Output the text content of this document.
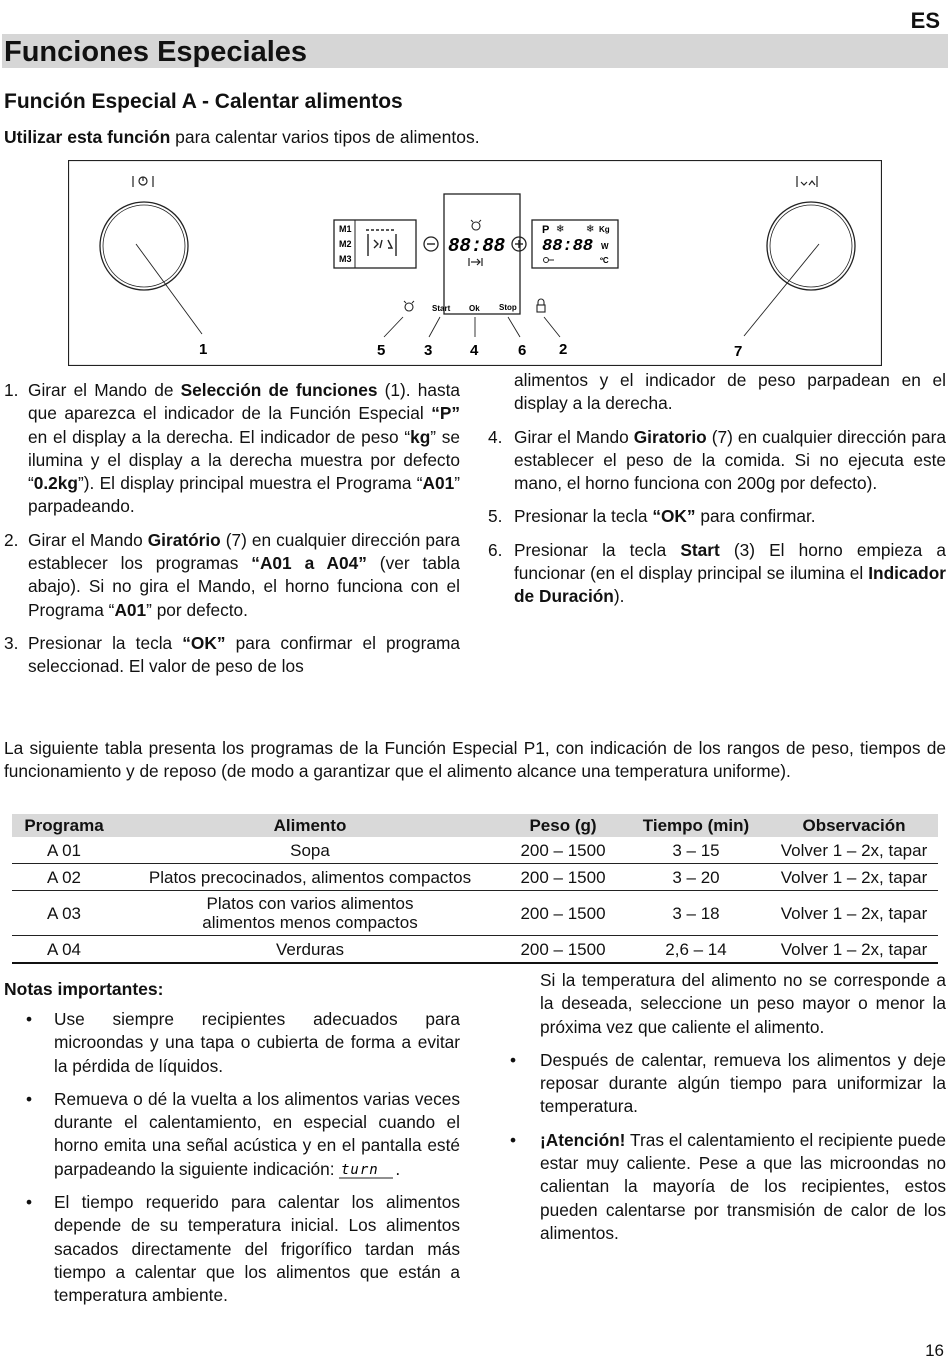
ES
Funciones Especiales
Función Especial A - Calentar alimentos
Utilizar esta función para calentar varios tipos de alimentos.
M1
M2
M3
88:88
P ❄ ❄ Kg
88:88 W
ºC
Start Ok Stop
1	5	3	4	6 2	7
1. Girar el Mando de Selección de funciones (1). hasta que aparezca el indicador de la Función Especial “P” en el display a la derecha. El indicador de peso “kg” se ilumina y el display a la derecha muestra por defecto “0.2kg”). El display principal muestra el Programa “A01” parpadeando.
2. Girar el Mando Giratório (7) en cualquier dirección para establecer los programas “A01 a A04” (ver tabla abajo). Si no gira el Mando, el horno funciona con el Programa “A01” por defecto.
3. Presionar la tecla “OK” para confirmar el programa seleccionad. El valor de peso de los
alimentos y el indicador de peso parpadean en el display a la derecha.
4. Girar el Mando Giratorio (7) en cualquier dirección para establecer el peso de la comida. Si no ejecuta este mano, el horno funciona con 200g por defecto).
5. Presionar la tecla “OK” para confirmar.
6. Presionar la tecla Start (3) El horno empieza a funcionar (en el display principal se ilumina el Indicador de Duración).
La siguiente tabla presenta los programas de la Función Especial P1, con indicación de los rangos de peso, tiempos de funcionamiento y de reposo (de modo a garantizar que el alimento alcance una temperatura uniforme).
Programa	Alimento	Peso (g)	Tiempo (min)	Observación
A 01	Sopa	200 – 1500	3 – 15	Volver 1 – 2x, tapar
A 02	Platos precocinados, alimentos compactos	200 – 1500	3 – 20	Volver 1 – 2x, tapar
A 03	Platos con varios alimentos alimentos menos compactos	200 – 1500	3 – 18	Volver 1 – 2x, tapar
A 04	Verduras	200 – 1500	2,6 – 14	Volver 1 – 2x, tapar
Notas importantes:
• Use siempre recipientes adecuados para microondas y una tapa o cubierta de forma a evitar la pérdida de líquidos.
• Remueva o dé la vuelta a los alimentos varias veces durante el calentamiento, en especial cuando el horno emita una señal acústica y en el pantalla esté parpadeando la siguiente indicación: turn .
• El tiempo requerido para calentar los alimentos depende de su temperatura inicial. Los alimentos sacados directamente del frigorífico tardan más tiempo a calentar que los alimentos que están a temperatura ambiente.
Si la temperatura del alimento no se corresponde a la deseada, seleccione un peso mayor o menor la próxima vez que caliente el alimento.
• Después de calentar, remueva los alimentos y deje reposar durante algún tiempo para uniformizar la temperatura.
• ¡Atención! Tras el calentamiento el recipiente puede estar muy caliente. Pese a que las microondas no calientan la mayoría de los recipientes, estos pueden calentarse por transmisión de calor de los alimentos.
16
